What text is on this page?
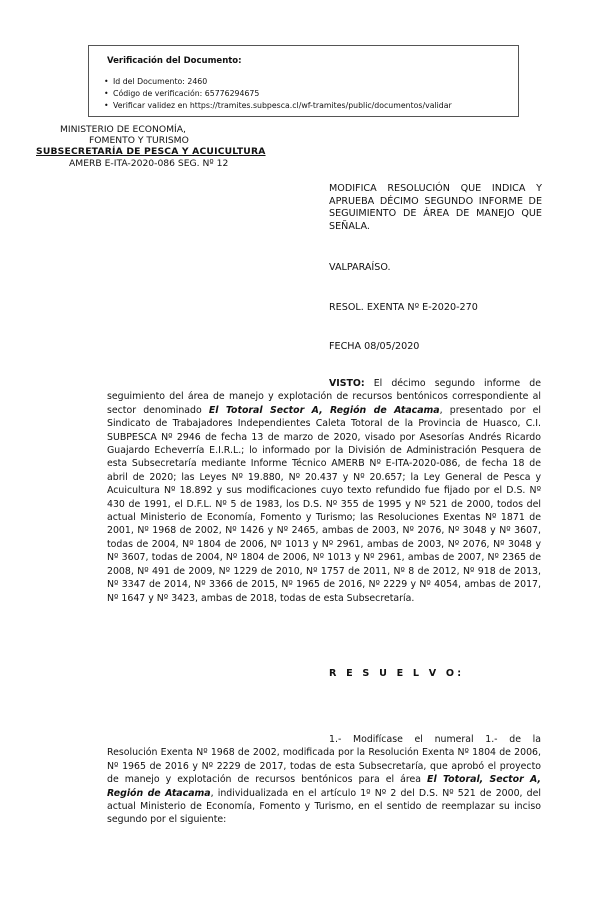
Verificación del Documento:
• Id del Documento: 2460
• Código de verificación: 65776294675
• Verificar validez en https://tramites.subpesca.cl/wf-tramites/public/documentos/validar
MINISTERIO DE ECONOMÍA,
FOMENTO Y TURISMO
SUBSECRETARÍA DE PESCA Y ACUICULTURA
AMERB E-ITA-2020-086 SEG. Nº 12
MODIFICA RESOLUCIÓN QUE INDICA Y APRUEBA DÉCIMO SEGUNDO INFORME DE SEGUIMIENTO DE ÁREA DE MANEJO QUE SEÑALA.
VALPARAÍSO.
RESOL. EXENTA Nº E-2020-270
FECHA 08/05/2020
VISTO: El décimo segundo informe de seguimiento del área de manejo y explotación de recursos bentónicos correspondiente al sector denominado El Totoral Sector A, Región de Atacama, presentado por el Sindicato de Trabajadores Independientes Caleta Totoral de la Provincia de Huasco, C.I. SUBPESCA Nº 2946 de fecha 13 de marzo de 2020, visado por Asesorías Andrés Ricardo Guajardo Echeverría E.I.R.L.; lo informado por la División de Administración Pesquera de esta Subsecretaría mediante Informe Técnico AMERB Nº E-ITA-2020-086, de fecha 18 de abril de 2020; las Leyes Nº 19.880, Nº 20.437 y Nº 20.657; la Ley General de Pesca y Acuicultura Nº 18.892 y sus modificaciones cuyo texto refundido fue fijado por el D.S. Nº 430 de 1991, el D.F.L. Nº 5 de 1983, los D.S. Nº 355 de 1995 y Nº 521 de 2000, todos del actual Ministerio de Economía, Fomento y Turismo; las Resoluciones Exentas Nº 1871 de 2001, Nº 1968 de 2002, Nº 1426 y Nº 2465, ambas de 2003, Nº 2076, Nº 3048 y Nº 3607, todas de 2004, Nº 1804 de 2006, Nº 1013 y Nº 2961, ambas de 2003, Nº 2076, Nº 3048 y Nº 3607, todas de 2004, Nº 1804 de 2006, Nº 1013 y Nº 2961, ambas de 2007, Nº 2365 de 2008, Nº 491 de 2009, Nº 1229 de 2010, Nº 1757 de 2011, Nº 8 de 2012, Nº 918 de 2013, Nº 3347 de 2014, Nº 3366 de 2015, Nº 1965 de 2016, Nº 2229 y Nº 4054, ambas de 2017, Nº 1647 y Nº 3423, ambas de 2018, todas de esta Subsecretaría.
R E S U E L V O:
1.- Modifícase el numeral 1.- de la Resolución Exenta Nº 1968 de 2002, modificada por la Resolución Exenta Nº 1804 de 2006, Nº 1965 de 2016 y Nº 2229 de 2017, todas de esta Subsecretaría, que aprobó el proyecto de manejo y explotación de recursos bentónicos para el área El Totoral, Sector A, Región de Atacama, individualizada en el artículo 1º Nº 2 del D.S. Nº 521 de 2000, del actual Ministerio de Economía, Fomento y Turismo, en el sentido de reemplazar su inciso segundo por el siguiente:
